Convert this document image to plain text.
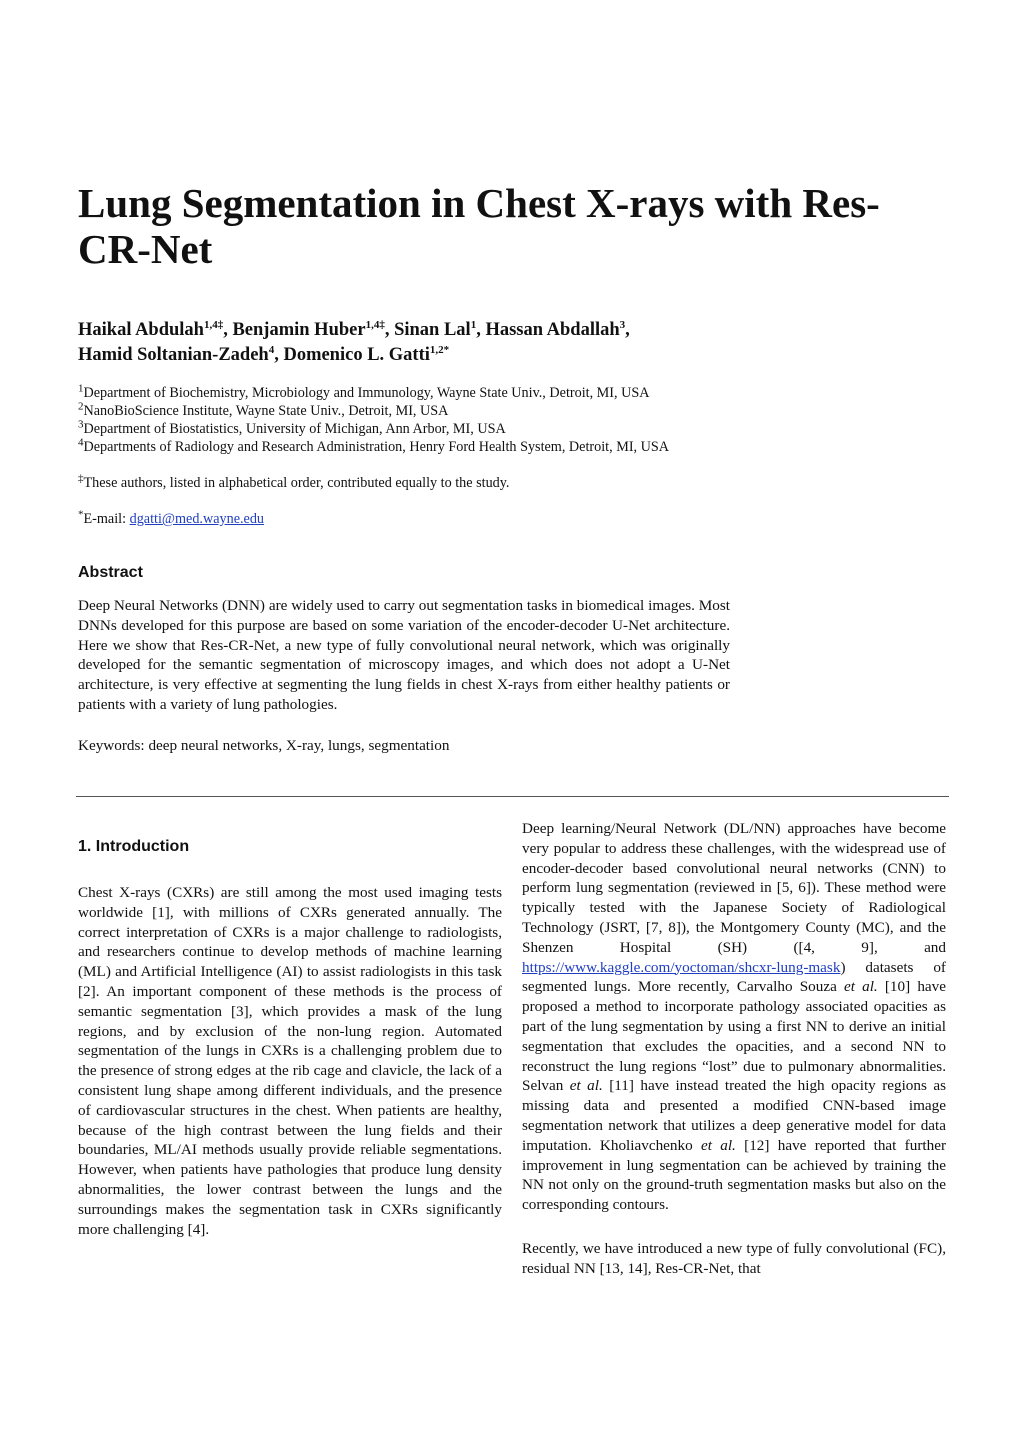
Lung Segmentation in Chest X-rays with Res-CR-Net
Haikal Abdulah$^{1,4\ddagger}$, Benjamin Huber$^{1,4\ddagger}$, Sinan Lal$^1$, Hassan Abdallah$^3$,
Hamid Soltanian-Zadeh$^4$, Domenico L. Gatti$^{1,2*}$
$^1$Department of Biochemistry, Microbiology and Immunology, Wayne State Univ., Detroit, MI, USA
$^2$NanoBioScience Institute, Wayne State Univ., Detroit, MI, USA
$^3$Department of Biostatistics, University of Michigan, Ann Arbor, MI, USA
$^4$Departments of Radiology and Research Administration, Henry Ford Health System, Detroit, MI, USA
‡These authors, listed in alphabetical order, contributed equally to the study.
*E-mail: dgatti@med.wayne.edu
Abstract
Deep Neural Networks (DNN) are widely used to carry out segmentation tasks in biomedical images. Most DNNs developed for this purpose are based on some variation of the encoder-decoder U-Net architecture. Here we show that Res-CR-Net, a new type of fully convolutional neural network, which was originally developed for the semantic segmentation of microscopy images, and which does not adopt a U-Net architecture, is very effective at segmenting the lung fields in chest X-rays from either healthy patients or patients with a variety of lung pathologies.
Keywords: deep neural networks, X-ray, lungs, segmentation
1. Introduction
Chest X-rays (CXRs) are still among the most used imaging tests worldwide [1], with millions of CXRs generated annually. The correct interpretation of CXRs is a major challenge to radiologists, and researchers continue to develop methods of machine learning (ML) and Artificial Intelligence (AI) to assist radiologists in this task [2]. An important component of these methods is the process of semantic segmentation [3], which provides a mask of the lung regions, and by exclusion of the non-lung region. Automated segmentation of the lungs in CXRs is a challenging problem due to the presence of strong edges at the rib cage and clavicle, the lack of a consistent lung shape among different individuals, and the presence of cardiovascular structures in the chest. When patients are healthy, because of the high contrast between the lung fields and their boundaries, ML/AI methods usually provide reliable segmentations. However, when patients have pathologies that produce lung density abnormalities, the lower contrast between the lungs and the surroundings makes the segmentation task in CXRs significantly more challenging [4].

Deep learning/Neural Network (DL/NN) approaches have become very popular to address these challenges, with the widespread use of encoder-decoder based convolutional neural networks (CNN) to perform lung segmentation (reviewed in [5, 6]). These method were typically tested with the Japanese Society of Radiological Technology (JSRT, [7, 8]), the Montgomery County (MC), and the Shenzen Hospital (SH) ([4, 9], and https://www.kaggle.com/yoctoman/shcxr-lung-mask) datasets of segmented lungs. More recently, Carvalho Souza et al. [10] have proposed a method to incorporate pathology associated opacities as part of the lung segmentation by using a first NN to derive an initial segmentation that excludes the opacities, and a second NN to reconstruct the lung regions “lost” due to pulmonary abnormalities. Selvan et al. [11] have instead treated the high opacity regions as missing data and presented a modified CNN-based image segmentation network that utilizes a deep generative model for data imputation. Kholiavchenko et al. [12] have reported that further improvement in lung segmentation can be achieved by training the NN not only on the ground-truth segmentation masks but also on the corresponding contours.

Recently, we have introduced a new type of fully convolutional (FC), residual NN [13, 14], Res-CR-Net, that
